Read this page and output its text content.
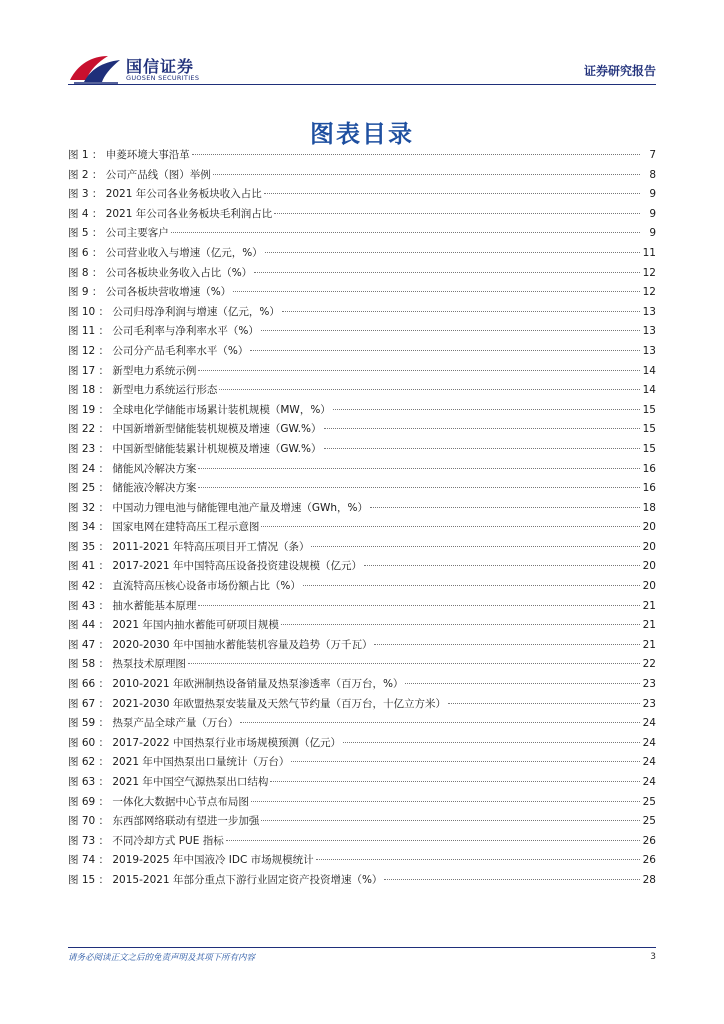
国信证券
GUOSEN SECURITIES	证券研究报告
图表目录
图 1 ： 申菱环境大事沿革	7
图 2 ： 公司产品线（图）举例	8
图 3 ： 2021 年公司各业务板块收入占比	9
图 4 ： 2021 年公司各业务板块毛利润占比	9
图 5 ： 公司主要客户	9
图 6 ： 公司营业收入与增速（亿元，%）	11
图 8 ： 公司各板块业务收入占比（%）	12
图 9 ： 公司各板块营收增速（%）	12
图 10 ： 公司归母净利润与增速（亿元，%）	13
图 11 ： 公司毛利率与净利率水平（%）	13
图 12 ： 公司分产品毛利率水平（%）	13
图 17 ： 新型电力系统示例	14
图 18 ： 新型电力系统运行形态	14
图 19 ： 全球电化学储能市场累计装机规模（MW，%）	15
图 22 ： 中国新增新型储能装机规模及增速（GW.%）	15
图 23 ： 中国新型储能装累计机规模及增速（GW.%）	15
图 24 ： 储能风冷解决方案	16
图 25 ： 储能液冷解决方案	16
图 32 ： 中国动力锂电池与储能锂电池产量及增速（GWh，%）	18
图 34 ： 国家电网在建特高压工程示意图	20
图 35 ： 2011-2021 年特高压项目开工情况（条）	20
图 41 ： 2017-2021 年中国特高压设备投资建设规模（亿元）	20
图 42 ： 直流特高压核心设备市场份额占比（%）	20
图 43 ： 抽水蓄能基本原理	21
图 44 ： 2021 年国内抽水蓄能可研项目规模	21
图 47 ： 2020-2030 年中国抽水蓄能装机容量及趋势（万千瓦）	21
图 58 ： 热泵技术原理图	22
图 66 ： 2010-2021 年欧洲制热设备销量及热泵渗透率（百万台，%）	23
图 67 ： 2021-2030 年欧盟热泵安装量及天然气节约量（百万台，十亿立方米）	23
图 59 ： 热泵产品全球产量（万台）	24
图 60 ： 2017-2022 中国热泵行业市场规模预测（亿元）	24
图 62 ： 2021 年中国热泵出口量统计（万台）	24
图 63 ： 2021 年中国空气源热泵出口结构	24
图 69 ： 一体化大数据中心节点布局图	25
图 70 ： 东西部网络联动有望进一步加强	25
图 73 ： 不同冷却方式 PUE 指标	26
图 74 ： 2019-2025 年中国液冷 IDC 市场规模统计	26
图 15 ： 2015-2021 年部分重点下游行业固定资产投资增速（%）	28
请务必阅读正文之后的免责声明及其项下所有内容	3
